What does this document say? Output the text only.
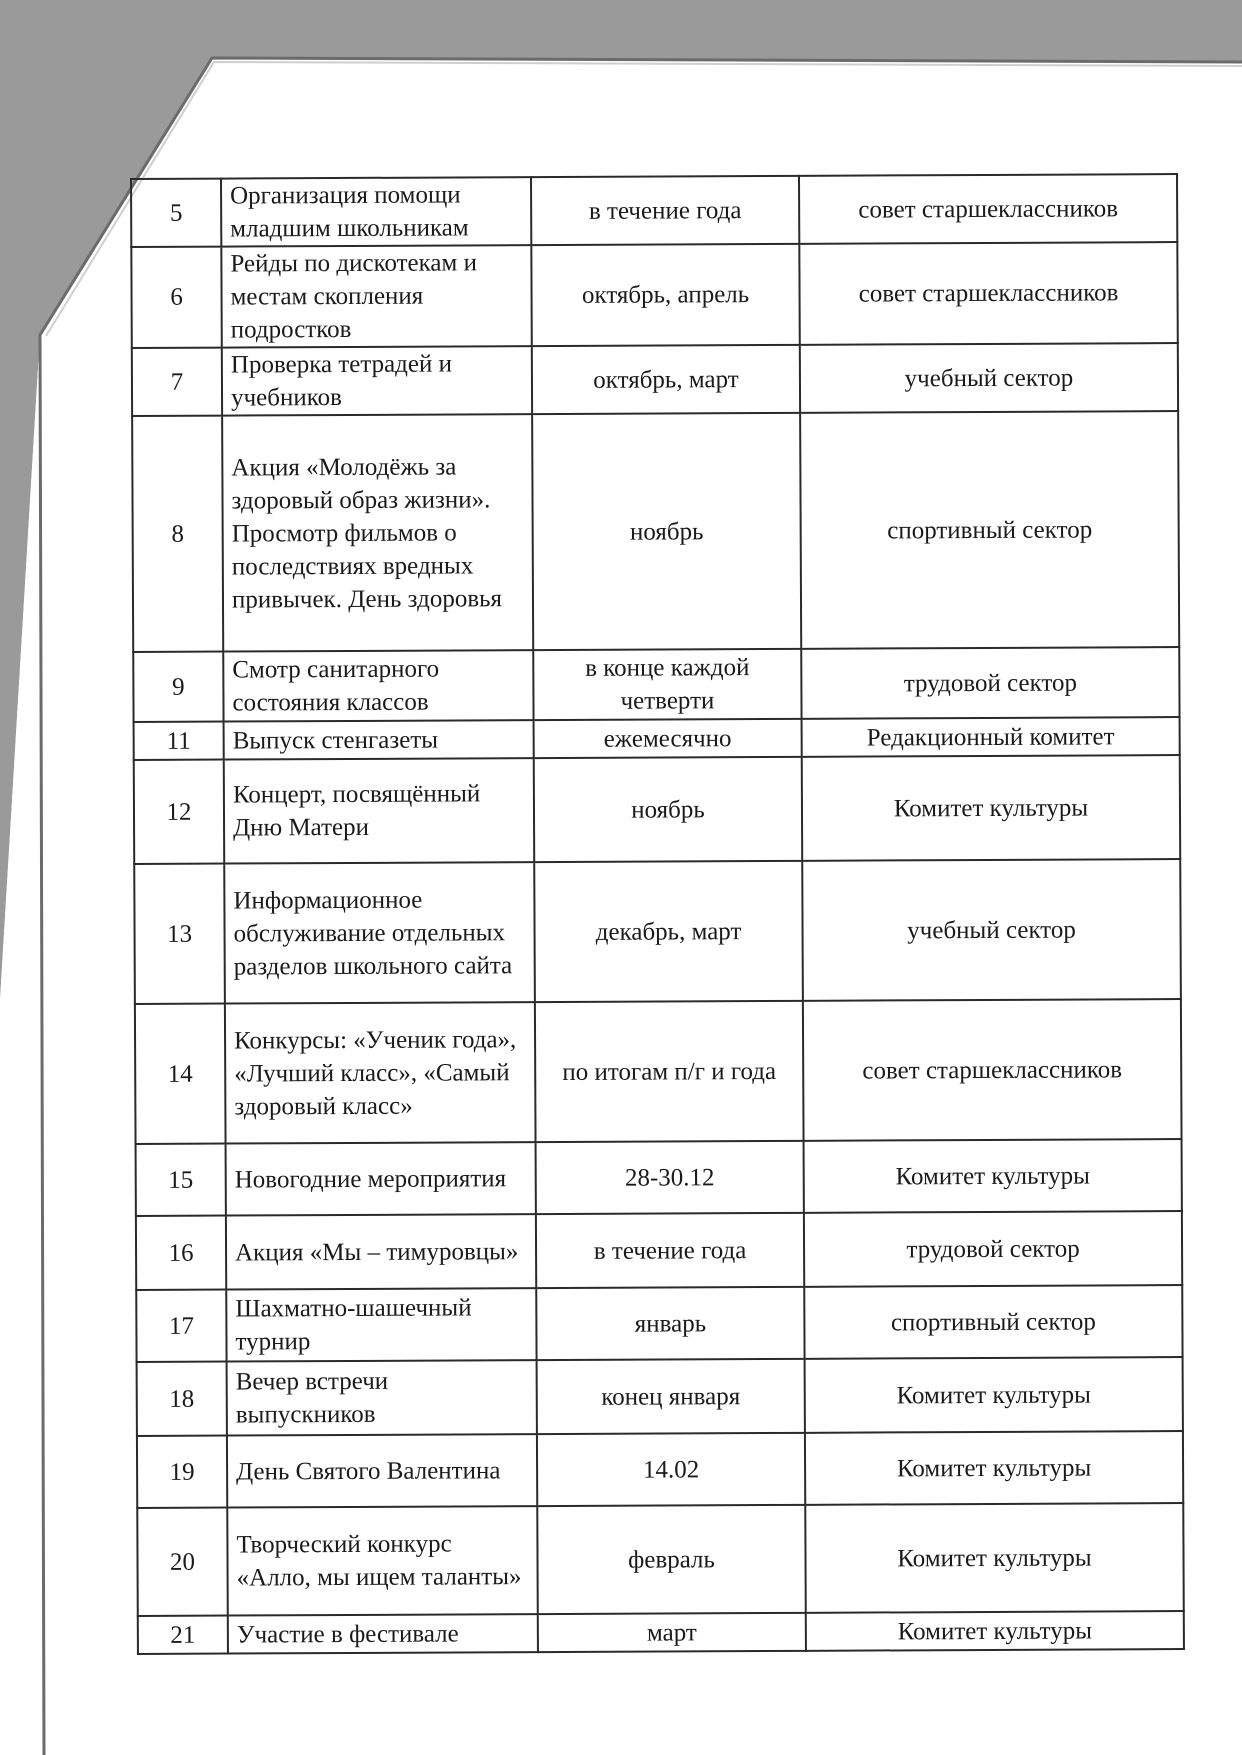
5	Организация помощи младшим школьникам	в течение года	совет старшеклассников
6	Рейды по дискотекам и местам скопления подростков	октябрь, апрель	совет старшеклассников
7	Проверка тетрадей и учебников	октябрь, март	учебный сектор
8	Акция «Молодёжь за здоровый образ жизни». Просмотр фильмов о последствиях вредных привычек. День здоровья	ноябрь	спортивный сектор
9	Смотр санитарного состояния классов	в конце каждой четверти	трудовой сектор
11	Выпуск стенгазеты	ежемесячно	Редакционный комитет
12	Концерт, посвящённый Дню Матери	ноябрь	Комитет культуры
13	Информационное обслуживание отдельных разделов школьного сайта	декабрь, март	учебный сектор
14	Конкурсы: «Ученик года», «Лучший класс», «Самый здоровый класс»	по итогам п/г и года	совет старшеклассников
15	Новогодние мероприятия	28-30.12	Комитет культуры
16	Акция «Мы – тимуровцы»	в течение года	трудовой сектор
17	Шахматно-шашечный турнир	январь	спортивный сектор
18	Вечер встречи выпускников	конец января	Комитет культуры
19	День Святого Валентина	14.02	Комитет культуры
20	Творческий конкурс «Алло, мы ищем таланты»	февраль	Комитет культуры
21	Участие в фестивале	март	Комитет культуры
